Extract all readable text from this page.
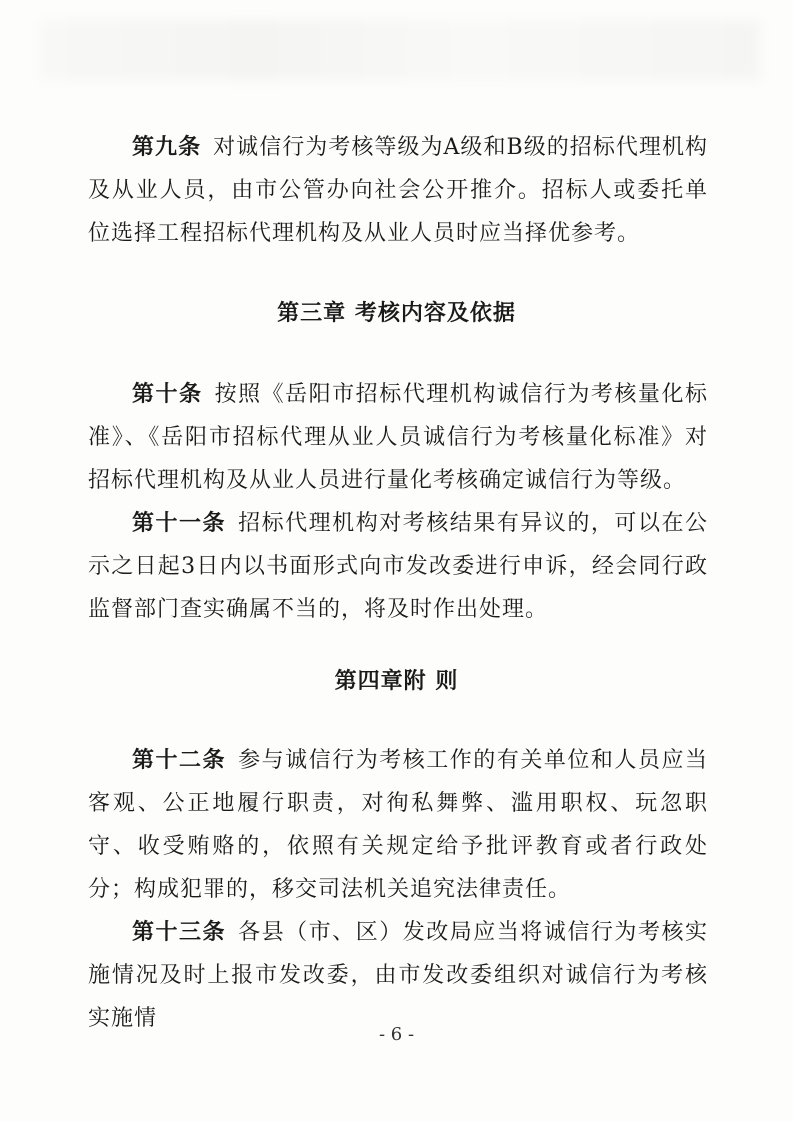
第九条 对诚信行为考核等级为A级和B级的招标代理机构及从业人员，由市公管办向社会公开推介。招标人或委托单位选择工程招标代理机构及从业人员时应当择优参考。

第三章 考核内容及依据

第十条 按照《岳阳市招标代理机构诚信行为考核量化标准》、《岳阳市招标代理从业人员诚信行为考核量化标准》对招标代理机构及从业人员进行量化考核确定诚信行为等级。

第十一条 招标代理机构对考核结果有异议的，可以在公示之日起3日内以书面形式向市发改委进行申诉，经会同行政监督部门查实确属不当的，将及时作出处理。

第四章附 则

第十二条 参与诚信行为考核工作的有关单位和人员应当客观、公正地履行职责，对徇私舞弊、滥用职权、玩忽职守、收受贿赂的，依照有关规定给予批评教育或者行政处分；构成犯罪的，移交司法机关追究法律责任。

第十三条 各县（市、区）发改局应当将诚信行为考核实施情况及时上报市发改委，由市发改委组织对诚信行为考核实施情

- 6 -
